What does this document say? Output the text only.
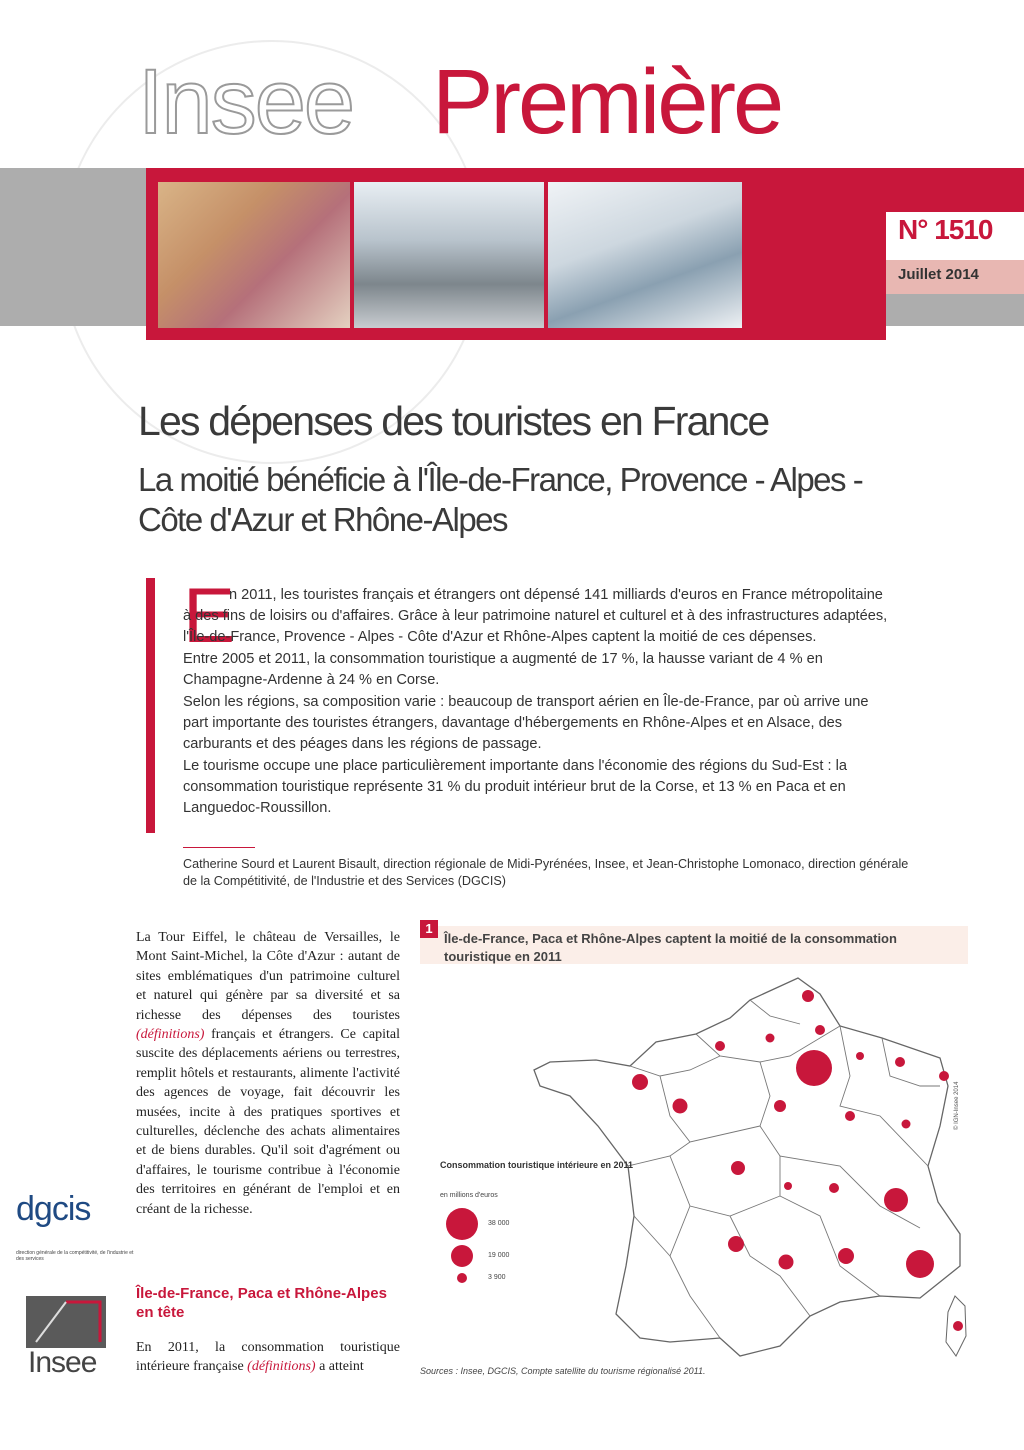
Insee Première
N° 1510
Juillet 2014
Les dépenses des touristes en France
La moitié bénéficie à l'Île-de-France, Provence - Alpes - Côte d'Azur et Rhône-Alpes
E

n 2011, les touristes français et étrangers ont dépensé 141 milliards d'euros en France métropolitaine à des fins de loisirs ou d'affaires. Grâce à leur patrimoine naturel et culturel et à des infrastructures adaptées, l'Île-de-France, Provence - Alpes - Côte d'Azur et Rhône-Alpes captent la moitié de ces dépenses.

Entre 2005 et 2011, la consommation touristique a augmenté de 17 %, la hausse variant de 4 % en Champagne-Ardenne à 24 % en Corse.

Selon les régions, sa composition varie : beaucoup de transport aérien en Île-de-France, par où arrive une part importante des touristes étrangers, davantage d'hébergements en Rhône-Alpes et en Alsace, des carburants et des péages dans les régions de passage.

Le tourisme occupe une place particulièrement importante dans l'économie des régions du Sud-Est : la consommation touristique représente 31 % du produit intérieur brut de la Corse, et 13 % en Paca et en Languedoc-Roussillon.

Catherine Sourd et Laurent Bisault, direction régionale de Midi-Pyrénées, Insee, et Jean-Christophe Lomonaco, direction générale de la Compétitivité, de l'Industrie et des Services (DGCIS)
La Tour Eiffel, le château de Versailles, le Mont Saint-Michel, la Côte d'Azur : autant de sites emblématiques d'un patrimoine culturel et naturel qui génère par sa diversité et sa richesse des dépenses des touristes (définitions) français et étrangers. Ce capital suscite des déplacements aériens ou terrestres, remplit hôtels et restaurants, alimente l'activité des agences de voyage, fait découvrir les musées, incite à des pratiques sportives et culturelles, déclenche des achats alimentaires et de biens durables. Qu'il soit d'agrément ou d'affaires, le tourisme contribue à l'économie des territoires en générant de l'emploi et en créant de la richesse.
Île-de-France, Paca et Rhône-Alpes en tête
En 2011, la consommation touristique intérieure française (définitions) a atteint
dgcis
direction générale de la compétitivité, de l'industrie et des services
Insee
1
Île-de-France, Paca et Rhône-Alpes captent la moitié de la consommation touristique en 2011
Consommation touristique intérieure en 2011
en millions d'euros
38 000
19 000
3 900
© IGN-Insee 2014
Sources : Insee, DGCIS, Compte satellite du tourisme régionalisé 2011.
